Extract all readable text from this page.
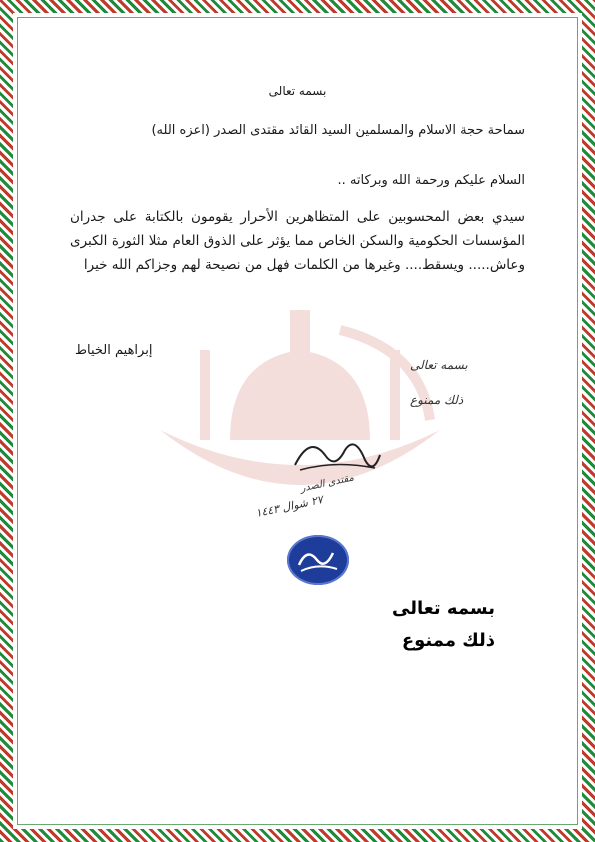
بسمه تعالى
سماحة حجة الاسلام والمسلمين السيد القائد مقتدى الصدر (اعزه الله)
السلام عليكم ورحمة الله وبركاته ..
سيدي بعض المحسوبين على المتظاهرين الأحرار يقومون بالكتابة على جدران المؤسسات الحكومية والسكن الخاص مما يؤثر على الذوق العام مثلا الثورة الكبرى وعاش..... ويسقط.... وغيرها من الكلمات فهل من نصيحة لهم وجزاكم الله خيرا
إبراهيم الخياط
بسمه تعالى
ذلك ممنوع
مقتدى الصدر
٢٧ شوال ١٤٤٣
بسمه تعالى
ذلك ممنوع
